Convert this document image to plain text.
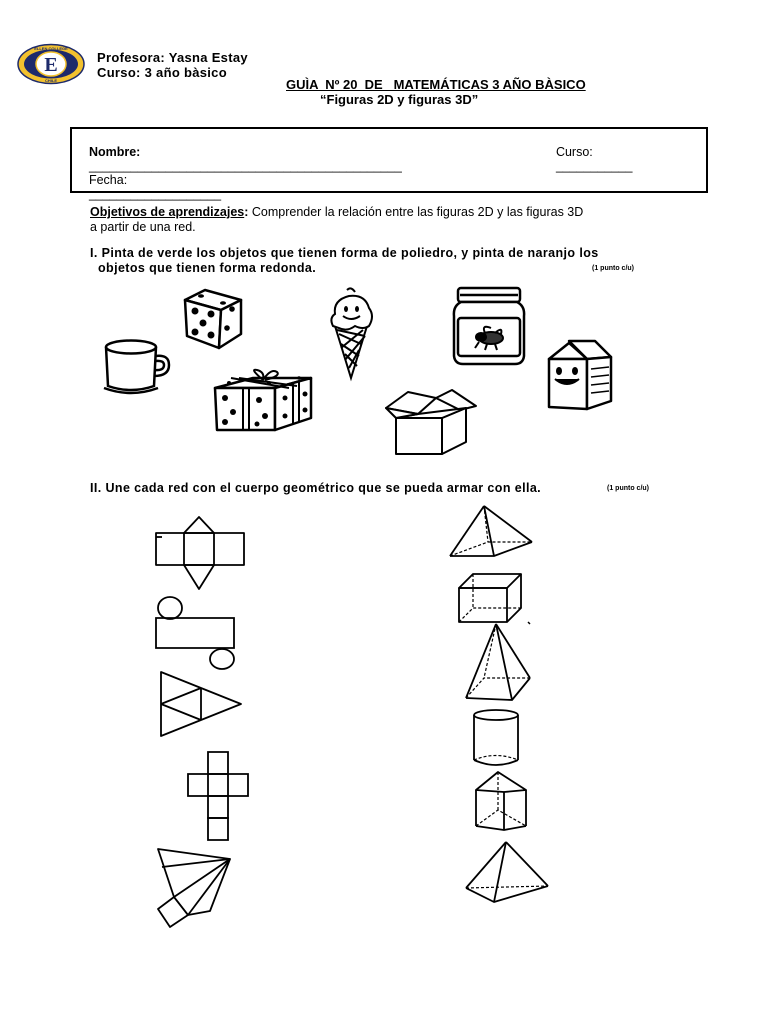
E
ELLEN COLLEGE
CHILE
Profesora: Yasna Estay
Curso: 3 año bàsico
GUÌA  Nº 20  DE   MATEMÁTICAS 3 AÑO BÀSICO
“Figuras 2D y figuras 3D”

Nombre:
_____________________________________________

Curso:
___________

Fecha:
___________________

Objetivos de aprendizajes: Comprender la relación entre las figuras 2D y las figuras 3D
a partir de una red.
I. Pinta de verde los objetos que tienen forma de poliedro, y pinta de naranjo los
objetos que tienen forma redonda.	(1 punto c/u)
II. Une cada red con el cuerpo geométrico que se pueda armar con ella.	(1 punto c/u)
